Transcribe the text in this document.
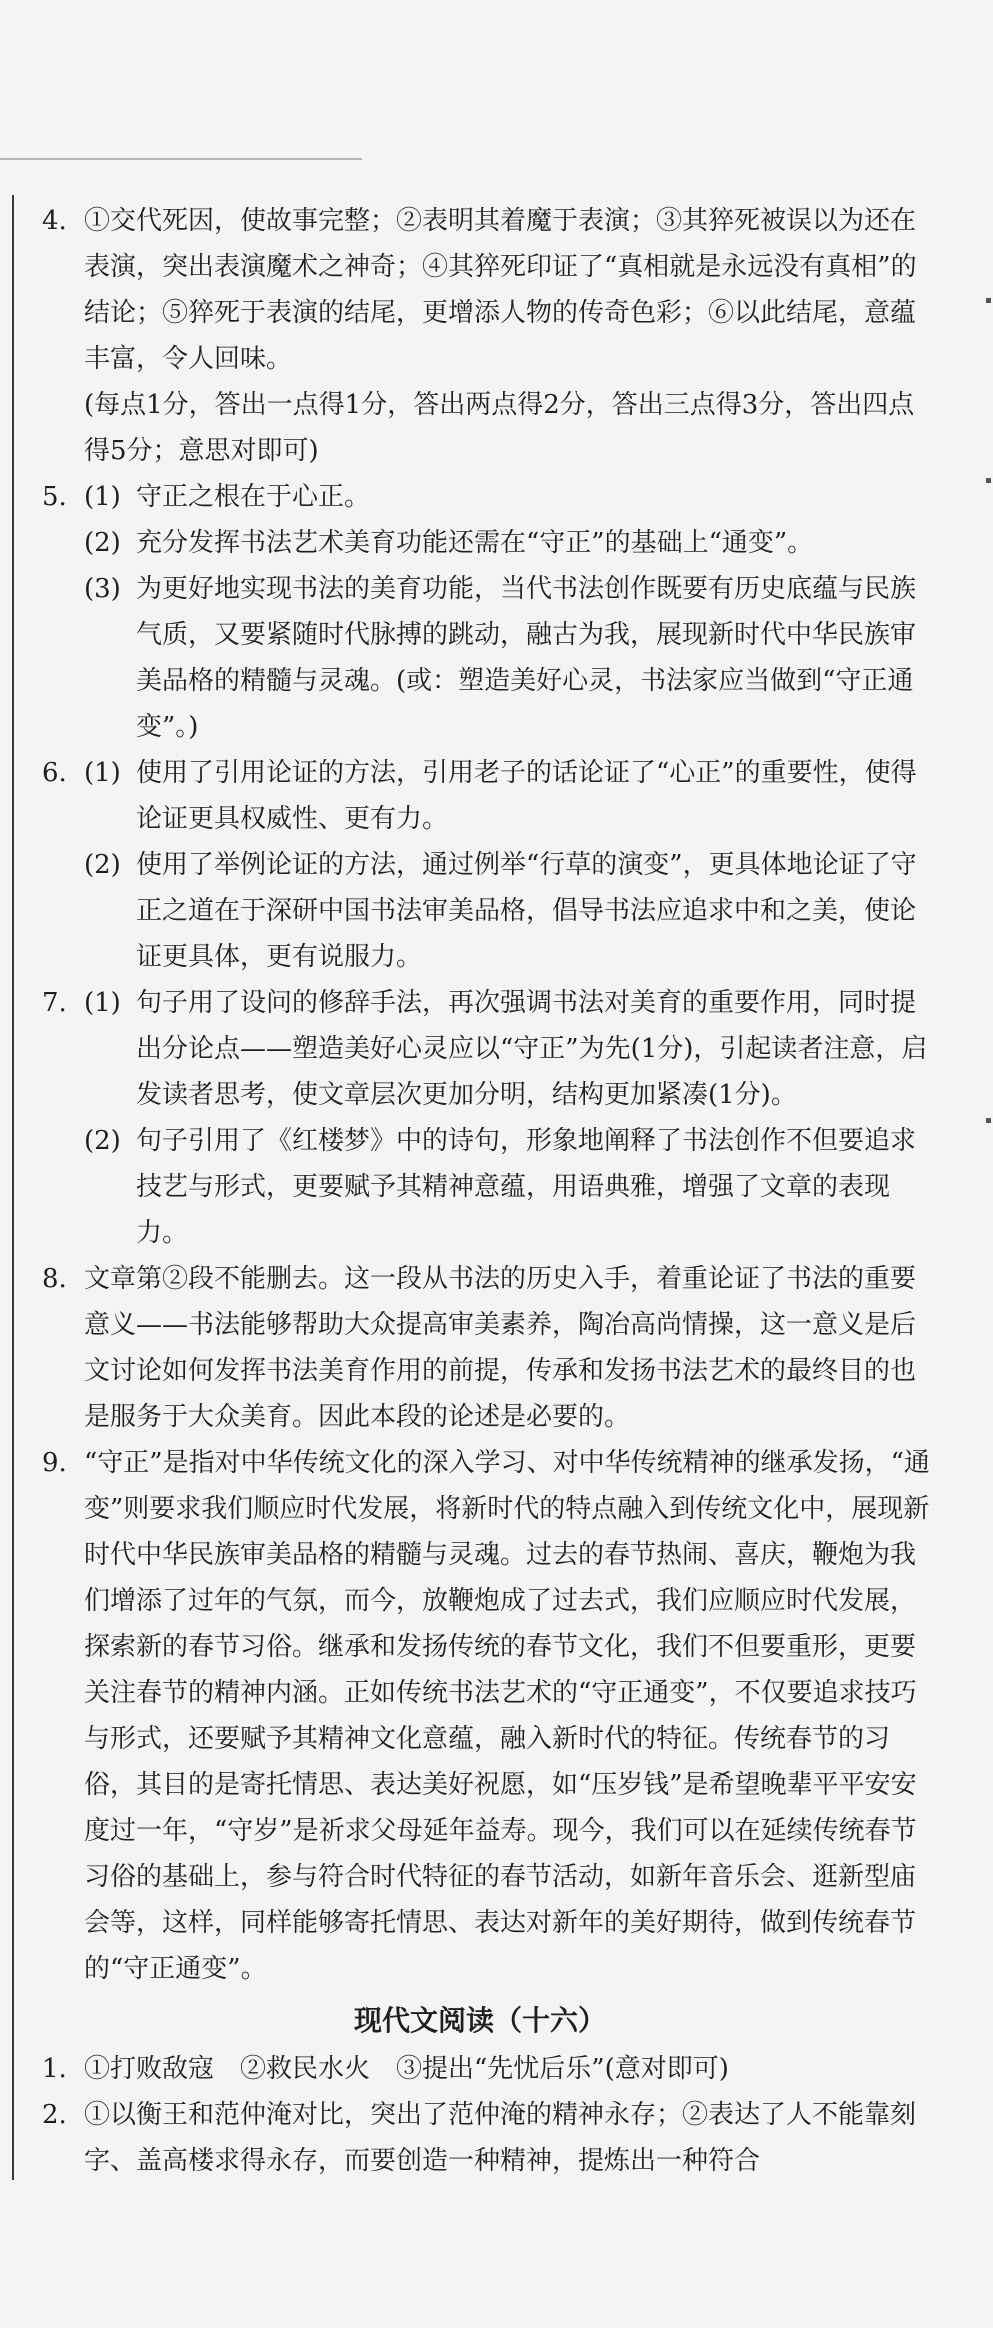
4. ①交代死因，使故事完整；②表明其着魔于表演；③其猝死被误以为还在表演，突出表演魔术之神奇；④其猝死印证了“真相就是永远没有真相”的结论；⑤猝死于表演的结尾，更增添人物的传奇色彩；⑥以此结尾，意蕴丰富，令人回味。
(每点1分，答出一点得1分，答出两点得2分，答出三点得3分，答出四点得5分；意思对即可)
5. (1) 守正之根在于心正。
(2) 充分发挥书法艺术美育功能还需在“守正”的基础上“通变”。
(3) 为更好地实现书法的美育功能，当代书法创作既要有历史底蕴与民族气质，又要紧随时代脉搏的跳动，融古为我，展现新时代中华民族审美品格的精髓与灵魂。(或：塑造美好心灵，书法家应当做到“守正通变”。)
6. (1) 使用了引用论证的方法，引用老子的话论证了“心正”的重要性，使得论证更具权威性、更有力。
(2) 使用了举例论证的方法，通过例举“行草的演变”，更具体地论证了守正之道在于深研中国书法审美品格，倡导书法应追求中和之美，使论证更具体，更有说服力。
7. (1) 句子用了设问的修辞手法，再次强调书法对美育的重要作用，同时提出分论点——塑造美好心灵应以“守正”为先(1分)，引起读者注意，启发读者思考，使文章层次更加分明，结构更加紧凑(1分)。
(2) 句子引用了《红楼梦》中的诗句，形象地阐释了书法创作不但要追求技艺与形式，更要赋予其精神意蕴，用语典雅，增强了文章的表现力。
8. 文章第②段不能删去。这一段从书法的历史入手，着重论证了书法的重要意义——书法能够帮助大众提高审美素养，陶冶高尚情操，这一意义是后文讨论如何发挥书法美育作用的前提，传承和发扬书法艺术的最终目的也是服务于大众美育。因此本段的论述是必要的。
9. “守正”是指对中华传统文化的深入学习、对中华传统精神的继承发扬，“通变”则要求我们顺应时代发展，将新时代的特点融入到传统文化中，展现新时代中华民族审美品格的精髓与灵魂。过去的春节热闹、喜庆，鞭炮为我们增添了过年的气氛，而今，放鞭炮成了过去式，我们应顺应时代发展，探索新的春节习俗。继承和发扬传统的春节文化，我们不但要重形，更要关注春节的精神内涵。正如传统书法艺术的“守正通变”，不仅要追求技巧与形式，还要赋予其精神文化意蕴，融入新时代的特征。传统春节的习俗，其目的是寄托情思、表达美好祝愿，如“压岁钱”是希望晚辈平平安安度过一年，“守岁”是祈求父母延年益寿。现今，我们可以在延续传统春节习俗的基础上，参与符合时代特征的春节活动，如新年音乐会、逛新型庙会等，这样，同样能够寄托情思、表达对新年的美好期待，做到传统春节的“守正通变”。
现代文阅读（十六）
1. ①打败敌寇　②救民水火　③提出“先忧后乐”(意对即可)
2. ①以衡王和范仲淹对比，突出了范仲淹的精神永存；②表达了人不能靠刻字、盖高楼求得永存，而要创造一种精神，提炼出一种符合
